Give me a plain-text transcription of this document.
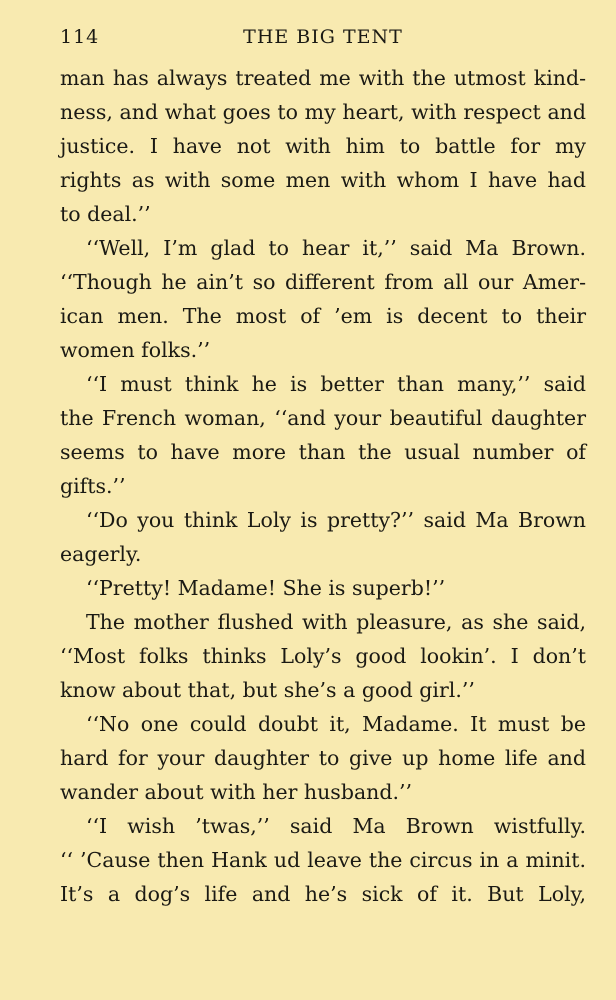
114	THE BIG TENT
man has always treated me with the utmost kind-
ness, and what goes to my heart, with respect and
justice. I have not with him to battle for my
rights as with some men with whom I have had
to deal.’’
‘‘Well, I’m glad to hear it,’’ said Ma Brown.
‘‘Though he ain’t so different from all our Amer-
ican men. The most of ’em is decent to their
women folks.’’
‘‘I must think he is better than many,’’ said
the French woman, ‘‘and your beautiful daughter
seems to have more than the usual number of
gifts.’’
‘‘Do you think Loly is pretty?’’ said Ma Brown
eagerly.
‘‘Pretty! Madame! She is superb!’’
The mother flushed with pleasure, as she said,
‘‘Most folks thinks Loly’s good lookin’. I don’t
know about that, but she’s a good girl.’’
‘‘No one could doubt it, Madame. It must be
hard for your daughter to give up home life and
wander about with her husband.’’
‘‘I wish ’twas,’’ said Ma Brown wistfully.
‘‘ ’Cause then Hank ud leave the circus in a minit.
It’s a dog’s life and he’s sick of it. But Loly,
